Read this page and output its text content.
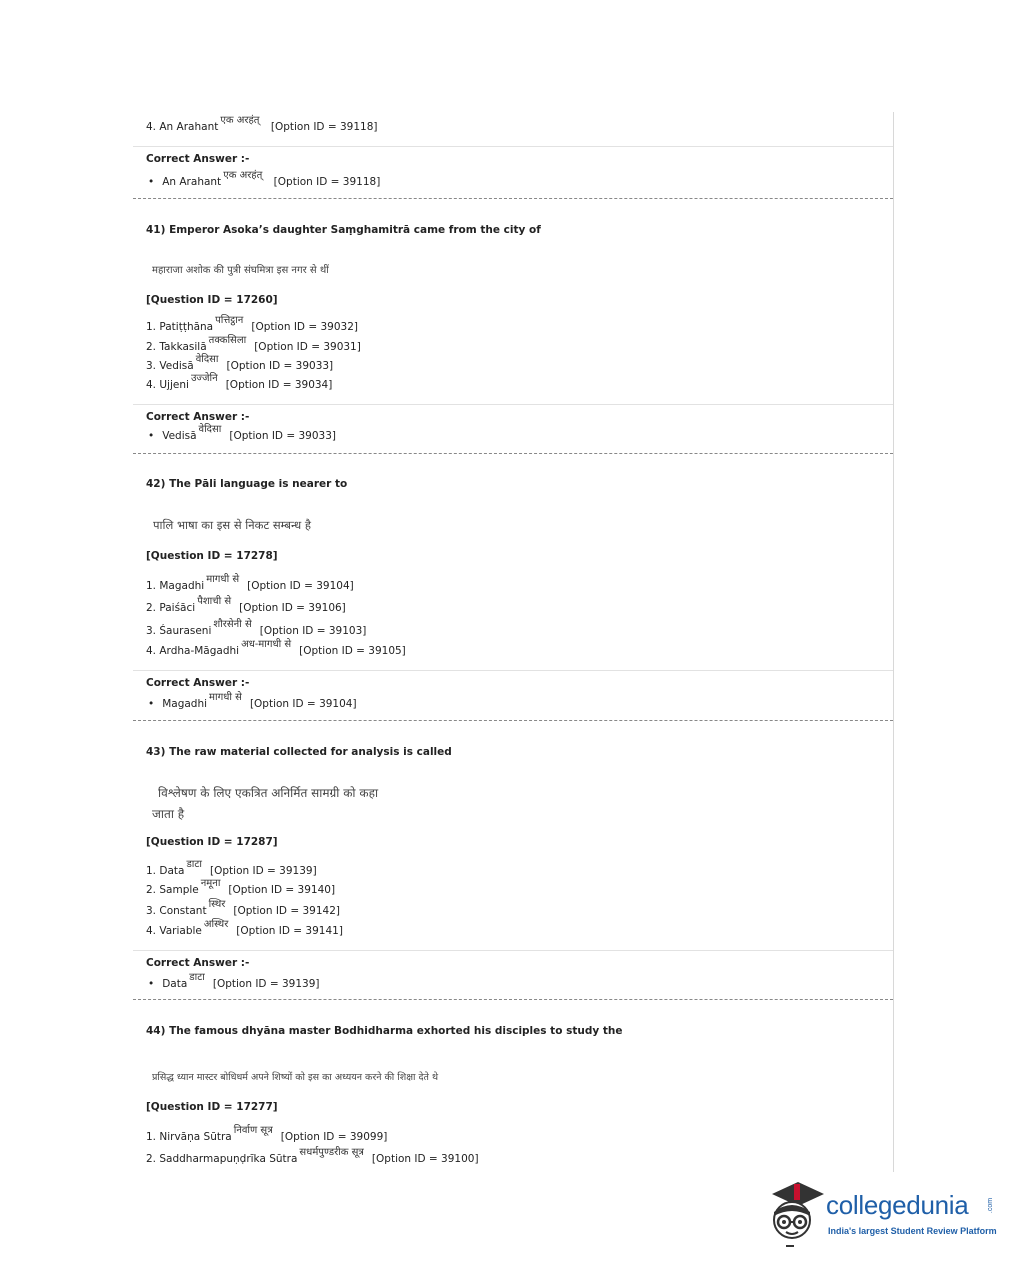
4. An Arahantएक अरहंत् [Option ID = 39118]
Correct Answer :-
• An Arahantएक अरहंत् [Option ID = 39118]
41) Emperor Asoka’s daughter Saṃghamitrā came from the city of
महाराजा अशोक की पुत्री संघमित्रा इस नगर से थीं
[Question ID = 17260]
1. Patiṭṭhānaपत्तिट्ठान[Option ID = 39032]
2. Takkasilāतक्कसिला[Option ID = 39031]
3. Vedisāवेदिसा[Option ID = 39033]
4. Ujjeniउज्जेनि[Option ID = 39034]
Correct Answer :-
• Vedisāवेदिसा[Option ID = 39033]
42) The Pāli language is nearer to
पालि भाषा का इस से निकट सम्बन्ध है
[Question ID = 17278]
1. Magadhiमागधी से[Option ID = 39104]
2. Paiśāciपैशाची से[Option ID = 39106]
3. Śauraseniशौरसेनी से[Option ID = 39103]
4. Ardha-Māgadhiअध-मागधी से[Option ID = 39105]
Correct Answer :-
• Magadhiमागधी से[Option ID = 39104]
43) The raw material collected for analysis is called
विश्लेषण के लिए एकत्रित अनिर्मित सामग्री को कहा
जाता है
[Question ID = 17287]
1. Dataडाटा[Option ID = 39139]
2. Sampleनमूना[Option ID = 39140]
3. Constantस्थिर[Option ID = 39142]
4. Variableअस्थिर[Option ID = 39141]
Correct Answer :-
• Dataडाटा[Option ID = 39139]
44) The famous dhyāna master Bodhidharma exhorted his disciples to study the
प्रसिद्ध ध्यान मास्टर बोधिधर्म अपने शिष्यों को इस का अध्ययन करने की शिक्षा देते थे
[Question ID = 17277]
1. Nirvāṇa Sūtraनिर्वाण सूत्र[Option ID = 39099]
2. Saddharmapuṇḍrīka Sūtraसधर्मपुण्डरीक सूत्र[Option ID = 39100]
collegedunia	.com
India's largest Student Review Platform
